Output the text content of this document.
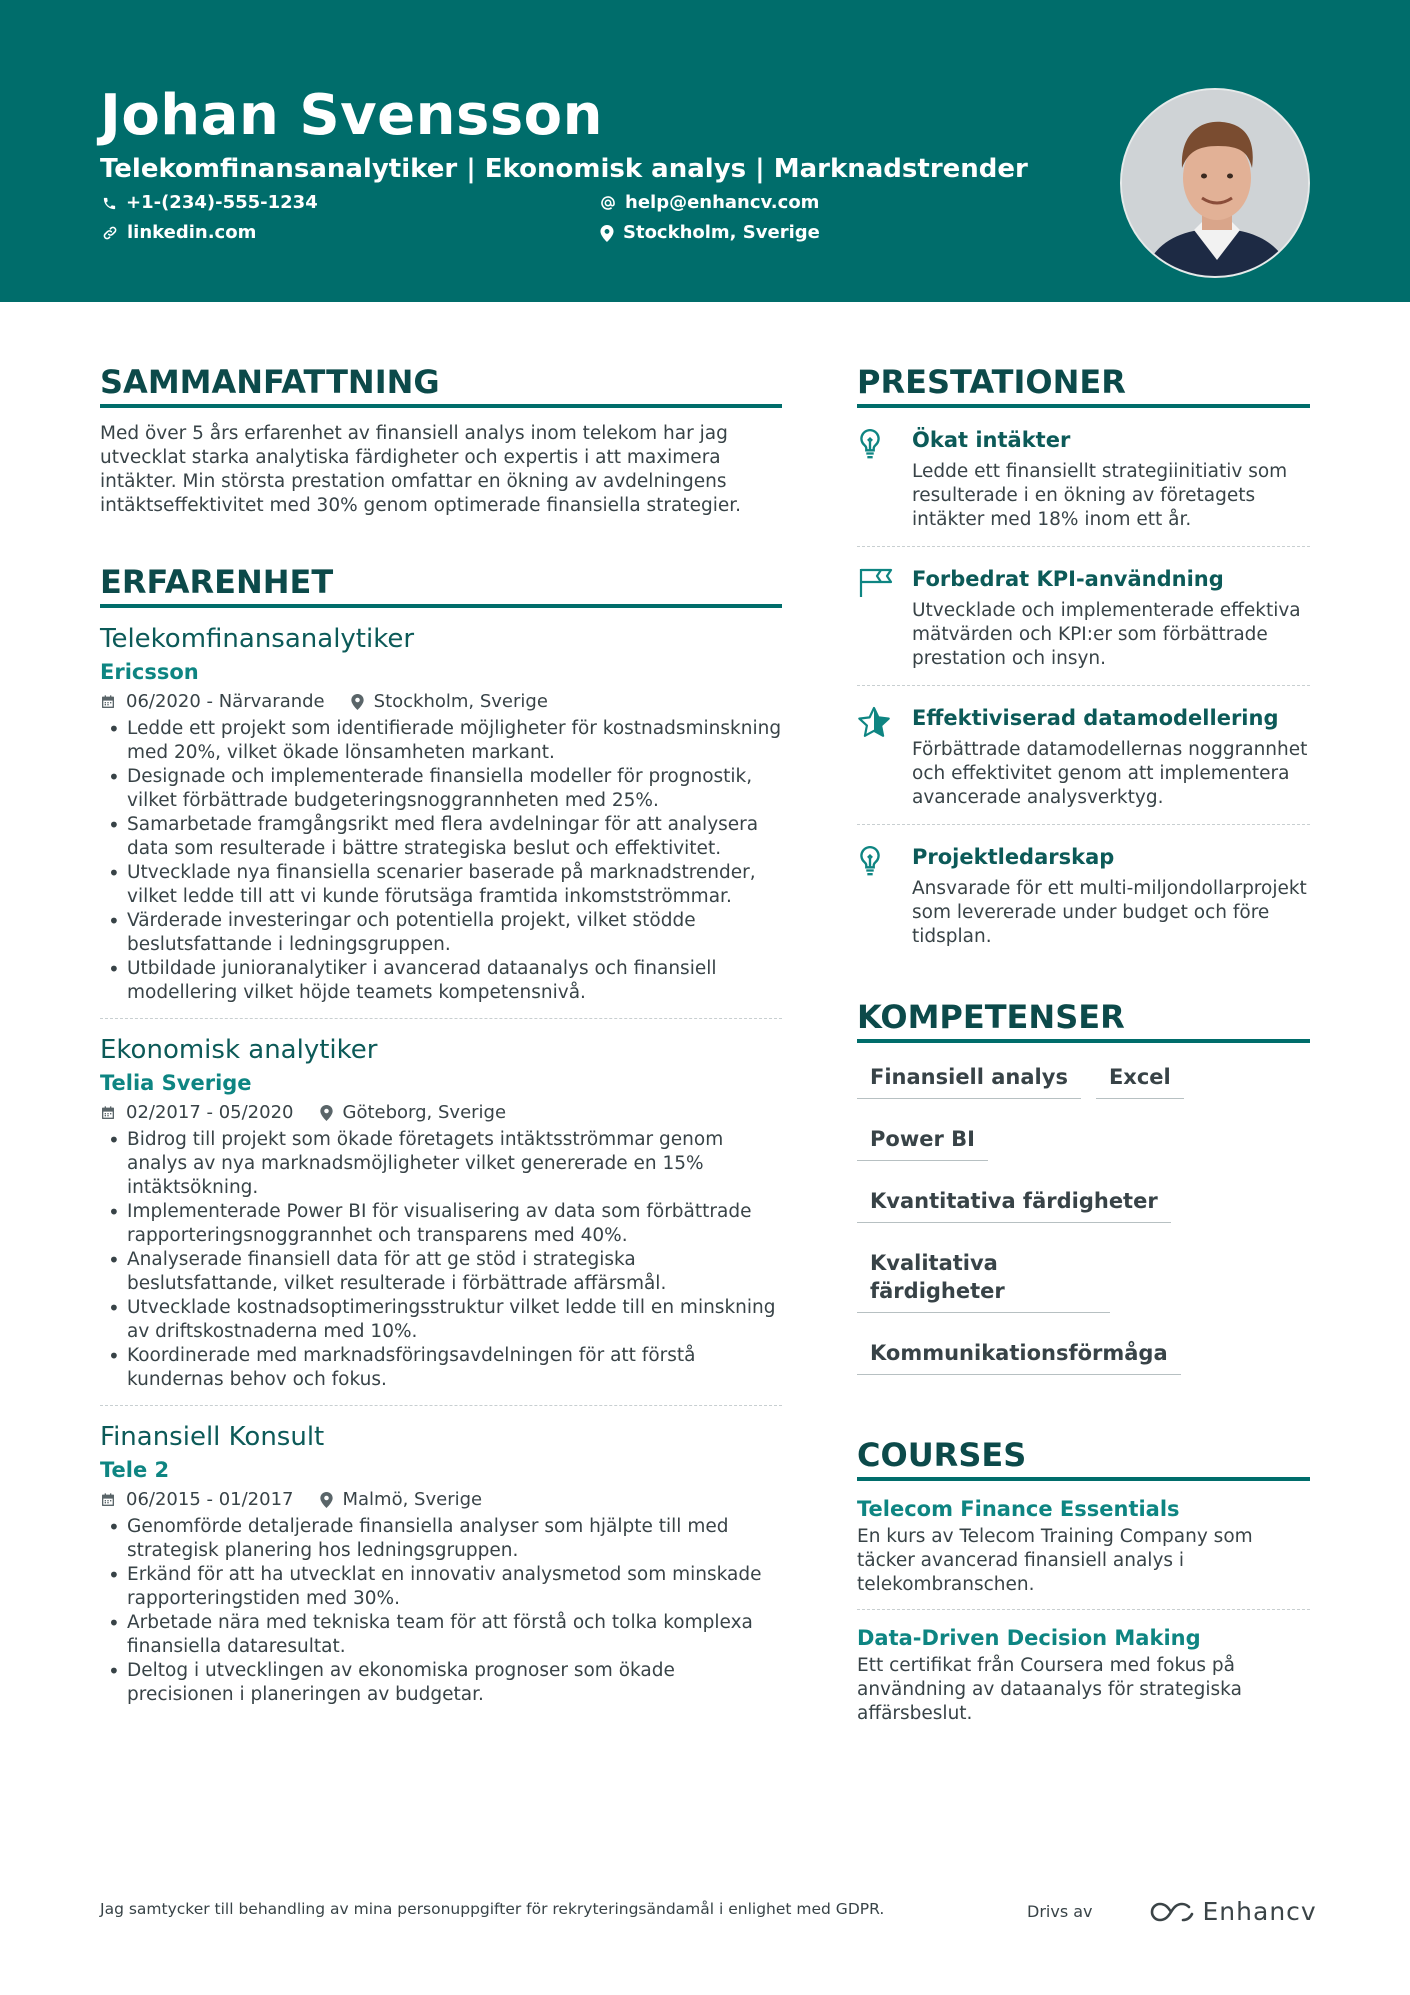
Johan Svensson
Telekomfinansanalytiker | Ekonomisk analys | Marknadstrender
+1-(234)-555-1234	help@enhancv.com
linkedin.com	Stockholm, Sverige
SAMMANFATTNING

Med över 5 års erfarenhet av finansiell analys inom telekom har jag utvecklat starka analytiska färdigheter och expertis i att maximera intäkter. Min största prestation omfattar en ökning av avdelningens intäktseffektivitet med 30% genom optimerade finansiella strategier.

ERFARENHET
Telekomfinansanalytiker
Ericsson
06/2020 - Närvarande	Stockholm, Sverige
• Ledde ett projekt som identifierade möjligheter för kostnadsminskning med 20%, vilket ökade lönsamheten markant.
• Designade och implementerade finansiella modeller för prognostik, vilket förbättrade budgeteringsnoggrannheten med 25%.
• Samarbetade framgångsrikt med flera avdelningar för att analysera data som resulterade i bättre strategiska beslut och effektivitet.
• Utvecklade nya finansiella scenarier baserade på marknadstrender, vilket ledde till att vi kunde förutsäga framtida inkomstströmmar.
• Värderade investeringar och potentiella projekt, vilket stödde beslutsfattande i ledningsgruppen.
• Utbildade junioranalytiker i avancerad dataanalys och finansiell modellering vilket höjde teamets kompetensnivå.
Ekonomisk analytiker
Telia Sverige
02/2017 - 05/2020	Göteborg, Sverige
• Bidrog till projekt som ökade företagets intäktsströmmar genom analys av nya marknadsmöjligheter vilket genererade en 15% intäktsökning.
• Implementerade Power BI för visualisering av data som förbättrade rapporteringsnoggrannhet och transparens med 40%.
• Analyserade finansiell data för att ge stöd i strategiska beslutsfattande, vilket resulterade i förbättrade affärsmål.
• Utvecklade kostnadsoptimeringsstruktur vilket ledde till en minskning av driftskostnaderna med 10%.
• Koordinerade med marknadsföringsavdelningen för att förstå kundernas behov och fokus.
Finansiell Konsult
Tele 2
06/2015 - 01/2017	Malmö, Sverige
• Genomförde detaljerade finansiella analyser som hjälpte till med strategisk planering hos ledningsgruppen.
• Erkänd för att ha utvecklat en innovativ analysmetod som minskade rapporteringstiden med 30%.
• Arbetade nära med tekniska team för att förstå och tolka komplexa finansiella dataresultat.
• Deltog i utvecklingen av ekonomiska prognoser som ökade precisionen i planeringen av budgetar.
PRESTATIONER
Ökat intäkter
Ledde ett finansiellt strategiinitiativ som resulterade i en ökning av företagets intäkter med 18% inom ett år.
Forbedrat KPI-användning
Utvecklade och implementerade effektiva mätvärden och KPI:er som förbättrade prestation och insyn.
Effektiviserad datamodellering
Förbättrade datamodellernas noggrannhet och effektivitet genom att implementera avancerade analysverktyg.
Projektledarskap
Ansvarade för ett multi-miljondollarprojekt som levererade under budget och före tidsplan.
KOMPETENSER
Finansiell analys	Excel
Power BI
Kvantitativa färdigheter
Kvalitativa färdigheter
Kommunikationsförmåga
COURSES
Telecom Finance Essentials
En kurs av Telecom Training Company som täcker avancerad finansiell analys i telekombranschen.
Data-Driven Decision Making
Ett certifikat från Coursera med fokus på användning av dataanalys för strategiska affärsbeslut.
Jag samtycker till behandling av mina personuppgifter för rekryteringsändamål i enlighet med GDPR.	Drivs av	Enhancv
